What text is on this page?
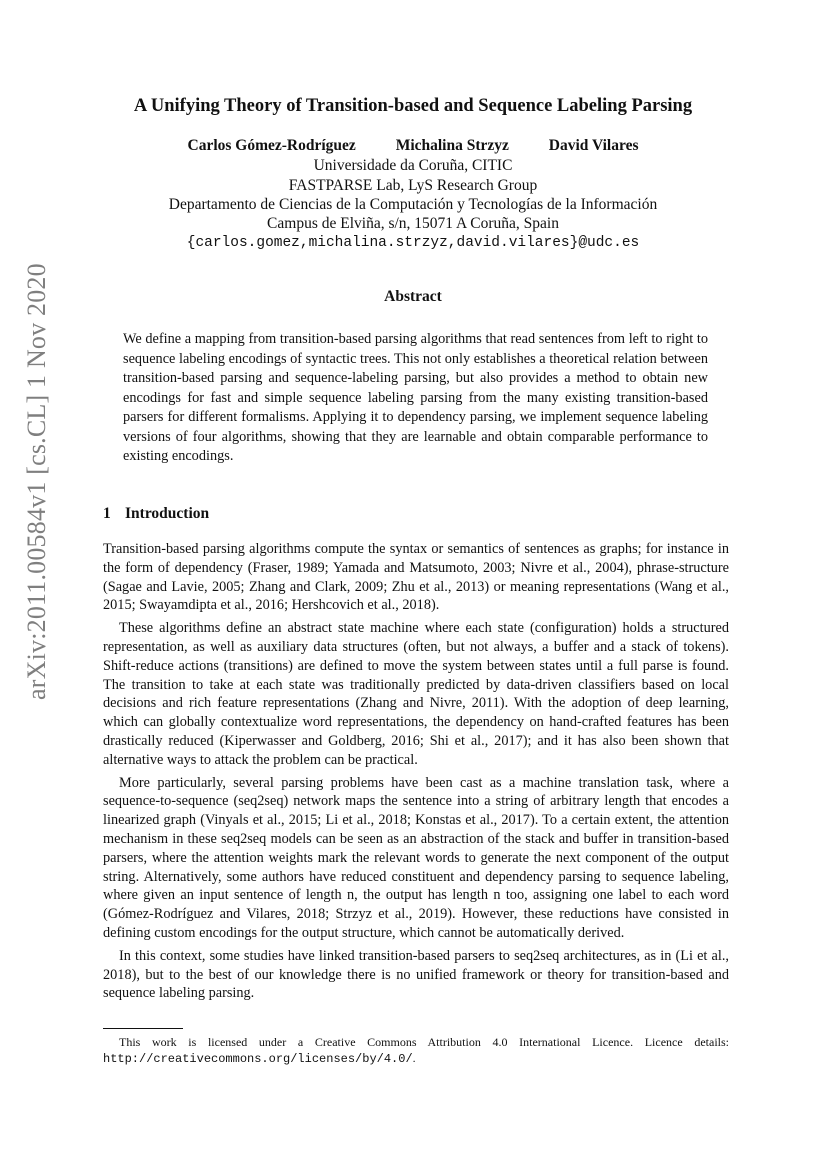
arXiv:2011.00584v1 [cs.CL] 1 Nov 2020
A Unifying Theory of Transition-based and Sequence Labeling Parsing
Carlos Gómez-Rodríguez	Michalina Strzyz	David Vilares
Universidade da Coruña, CITIC
FASTPARSE Lab, LyS Research Group
Departamento de Ciencias de la Computación y Tecnologías de la Información
Campus de Elviña, s/n, 15071 A Coruña, Spain
{carlos.gomez,michalina.strzyz,david.vilares}@udc.es
Abstract
We define a mapping from transition-based parsing algorithms that read sentences from left to right to sequence labeling encodings of syntactic trees. This not only establishes a theoretical relation between transition-based parsing and sequence-labeling parsing, but also provides a method to obtain new encodings for fast and simple sequence labeling parsing from the many existing transition-based parsers for different formalisms. Applying it to dependency parsing, we implement sequence labeling versions of four algorithms, showing that they are learnable and obtain comparable performance to existing encodings.
1 Introduction

Transition-based parsing algorithms compute the syntax or semantics of sentences as graphs; for instance in the form of dependency (Fraser, 1989; Yamada and Matsumoto, 2003; Nivre et al., 2004), phrase-structure (Sagae and Lavie, 2005; Zhang and Clark, 2009; Zhu et al., 2013) or meaning representations (Wang et al., 2015; Swayamdipta et al., 2016; Hershcovich et al., 2018).

These algorithms define an abstract state machine where each state (configuration) holds a structured representation, as well as auxiliary data structures (often, but not always, a buffer and a stack of tokens). Shift-reduce actions (transitions) are defined to move the system between states until a full parse is found. The transition to take at each state was traditionally predicted by data-driven classifiers based on local decisions and rich feature representations (Zhang and Nivre, 2011). With the adoption of deep learning, which can globally contextualize word representations, the dependency on hand-crafted features has been drastically reduced (Kiperwasser and Goldberg, 2016; Shi et al., 2017); and it has also been shown that alternative ways to attack the problem can be practical.

More particularly, several parsing problems have been cast as a machine translation task, where a sequence-to-sequence (seq2seq) network maps the sentence into a string of arbitrary length that encodes a linearized graph (Vinyals et al., 2015; Li et al., 2018; Konstas et al., 2017). To a certain extent, the attention mechanism in these seq2seq models can be seen as an abstraction of the stack and buffer in transition-based parsers, where the attention weights mark the relevant words to generate the next component of the output string. Alternatively, some authors have reduced constituent and dependency parsing to sequence labeling, where given an input sentence of length n, the output has length n too, assigning one label to each word (Gómez-Rodríguez and Vilares, 2018; Strzyz et al., 2019). However, these reductions have consisted in defining custom encodings for the output structure, which cannot be automatically derived.

In this context, some studies have linked transition-based parsers to seq2seq architectures, as in (Li et al., 2018), but to the best of our knowledge there is no unified framework or theory for transition-based and sequence labeling parsing.

This work is licensed under a Creative Commons Attribution 4.0 International Licence. Licence details: http://creativecommons.org/licenses/by/4.0/.
